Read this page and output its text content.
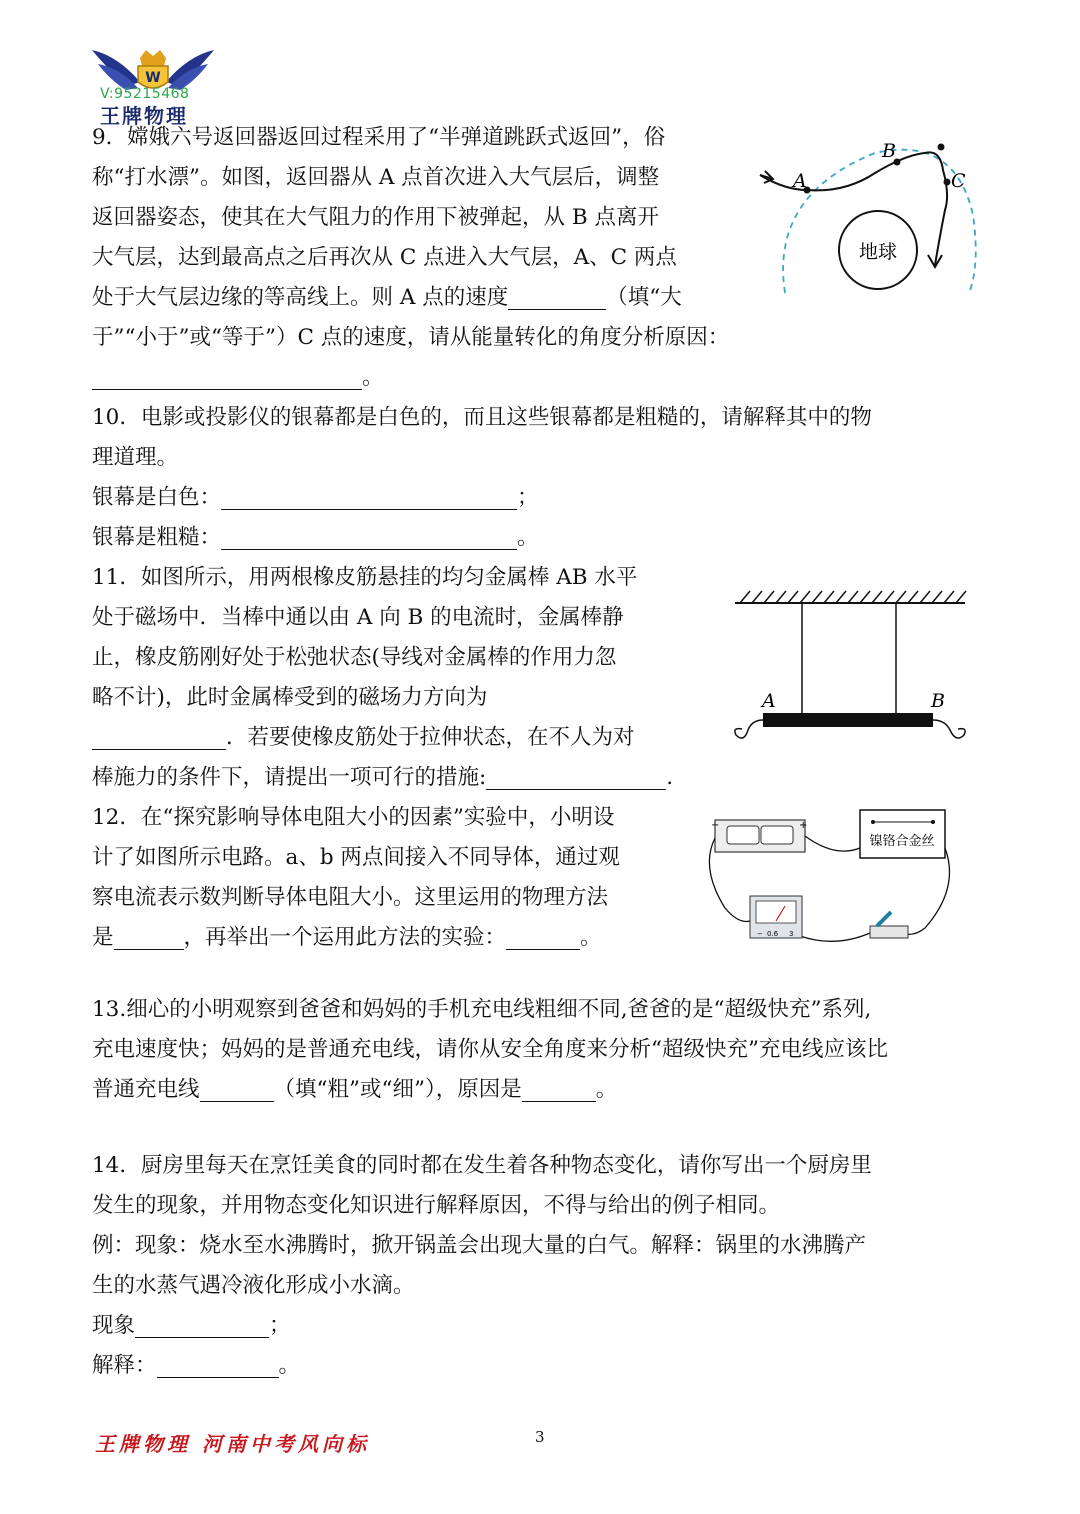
W
V:95215468
王牌物理
9．嫦娥六号返回器返回过程采用了“半弹道跳跃式返回”，俗
称“打水漂”。如图，返回器从 A 点首次进入大气层后，调整
返回器姿态，使其在大气阻力的作用下被弹起，从 B 点离开
大气层，达到最高点之后再次从 C 点进入大气层，A、C 两点
处于大气层边缘的等高线上。则 A 点的速度	（填“大
于”“小于”或“等于”）C 点的速度，请从能量转化的角度分析原因：
。
地球
A
B
C
10．电影或投影仪的银幕都是白色的，而且这些银幕都是粗糙的，请解释其中的物
理道理。
银幕是白色：	；
银幕是粗糙：	。
11．如图所示，用两根橡皮筋悬挂的均匀金属棒 AB 水平
处于磁场中．当棒中通以由 A 向 B 的电流时，金属棒静
止，橡皮筋刚好处于松弛状态(导线对金属棒的作用力忽
略不计)，此时金属棒受到的磁场力方向为
．若要使橡皮筋处于拉伸状态，在不人为对
棒施力的条件下，请提出一项可行的措施:	.
A	B
12．在“探究影响导体电阻大小的因素”实验中，小明设
计了如图所示电路。a、b 两点间接入不同导体，通过观
察电流表示数判断导体电阻大小。这里运用的物理方法
是	，再举出一个运用此方法的实验：	。
−	+
镍铬合金丝
− 0.6 3
13.细心的小明观察到爸爸和妈妈的手机充电线粗细不同,爸爸的是“超级快充”系列,
充电速度快；妈妈的是普通充电线，请你从安全角度来分析“超级快充”充电线应该比
普通充电线	（填“粗”或“细”），原因是	。
14．厨房里每天在烹饪美食的同时都在发生着各种物态变化，请你写出一个厨房里
发生的现象，并用物态变化知识进行解释原因，不得与给出的例子相同。
例：现象：烧水至水沸腾时，掀开锅盖会出现大量的白气。解释：锅里的水沸腾产
生的水蒸气遇冷液化形成小水滴。
现象	；
解释：	。
王牌物理 河南中考风向标	3
